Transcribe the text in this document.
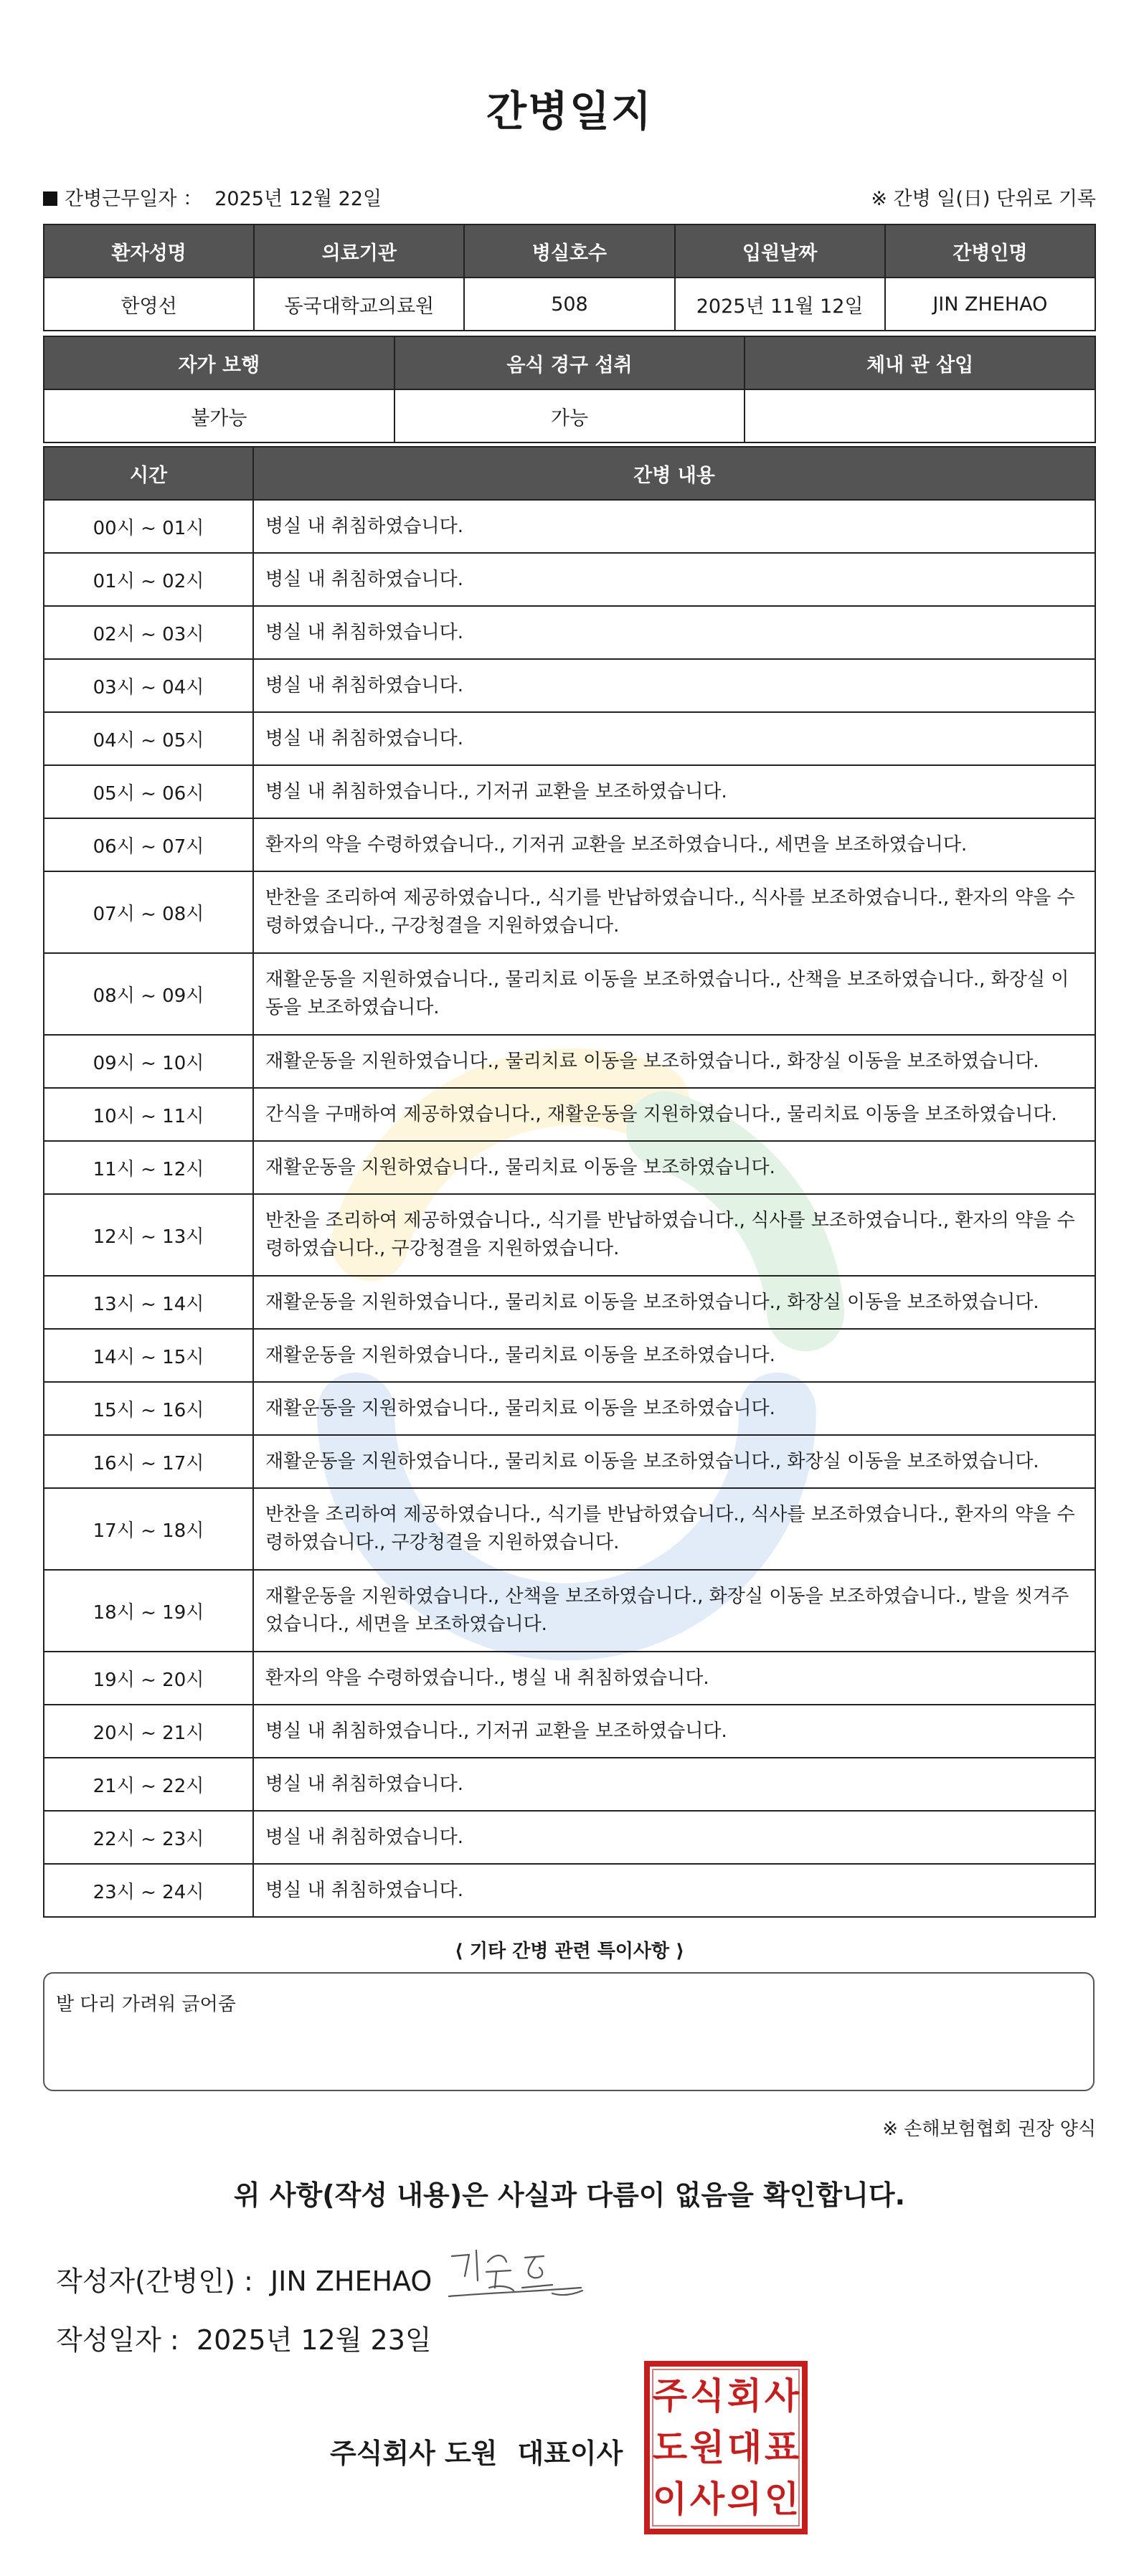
간병일지
간병근무일자 ： 2025년 12월 22일	※ 간병 일(日) 단위로 기록
환자성명	의료기관	병실호수	입원날짜	간병인명
한영선	동국대학교의료원	508	2025년 11월 12일	JIN ZHEHAO
자가 보행	음식 경구 섭취	체내 관 삽입
불가능	가능	
시간	간병 내용
00시 ~ 01시	병실 내 취침하였습니다.
01시 ~ 02시	병실 내 취침하였습니다.
02시 ~ 03시	병실 내 취침하였습니다.
03시 ~ 04시	병실 내 취침하였습니다.
04시 ~ 05시	병실 내 취침하였습니다.
05시 ~ 06시	병실 내 취침하였습니다., 기저귀 교환을 보조하였습니다.
06시 ~ 07시	환자의 약을 수령하였습니다., 기저귀 교환을 보조하였습니다., 세면을 보조하였습니다.
07시 ~ 08시	반찬을 조리하여 제공하였습니다., 식기를 반납하였습니다., 식사를 보조하였습니다., 환자의 약을 수령하였습니다., 구강청결을 지원하였습니다.
08시 ~ 09시	재활운동을 지원하였습니다., 물리치료 이동을 보조하였습니다., 산책을 보조하였습니다., 화장실 이동을 보조하였습니다.
09시 ~ 10시	재활운동을 지원하였습니다., 물리치료 이동을 보조하였습니다., 화장실 이동을 보조하였습니다.
10시 ~ 11시	간식을 구매하여 제공하였습니다., 재활운동을 지원하였습니다., 물리치료 이동을 보조하였습니다.
11시 ~ 12시	재활운동을 지원하였습니다., 물리치료 이동을 보조하였습니다.
12시 ~ 13시	반찬을 조리하여 제공하였습니다., 식기를 반납하였습니다., 식사를 보조하였습니다., 환자의 약을 수령하였습니다., 구강청결을 지원하였습니다.
13시 ~ 14시	재활운동을 지원하였습니다., 물리치료 이동을 보조하였습니다., 화장실 이동을 보조하였습니다.
14시 ~ 15시	재활운동을 지원하였습니다., 물리치료 이동을 보조하였습니다.
15시 ~ 16시	재활운동을 지원하였습니다., 물리치료 이동을 보조하였습니다.
16시 ~ 17시	재활운동을 지원하였습니다., 물리치료 이동을 보조하였습니다., 화장실 이동을 보조하였습니다.
17시 ~ 18시	반찬을 조리하여 제공하였습니다., 식기를 반납하였습니다., 식사를 보조하였습니다., 환자의 약을 수령하였습니다., 구강청결을 지원하였습니다.
18시 ~ 19시	재활운동을 지원하였습니다., 산책을 보조하였습니다., 화장실 이동을 보조하였습니다., 발을 씻겨주었습니다., 세면을 보조하였습니다.
19시 ~ 20시	환자의 약을 수령하였습니다., 병실 내 취침하였습니다.
20시 ~ 21시	병실 내 취침하였습니다., 기저귀 교환을 보조하였습니다.
21시 ~ 22시	병실 내 취침하였습니다.
22시 ~ 23시	병실 내 취침하였습니다.
23시 ~ 24시	병실 내 취침하였습니다.
⟨ 기타 간병 관련 특이사항 ⟩
발 다리 가려워 긁어줌
※ 손해보험협회 권장 양식
위 사항(작성 내용)은 사실과 다름이 없음을 확인합니다.
작성자(간병인) : JIN ZHEHAO
작성일자 : 2025년 12월 23일
주식회사 도원 대표이사
주 식 회 사
도 원 대 표
이 사 의 인
